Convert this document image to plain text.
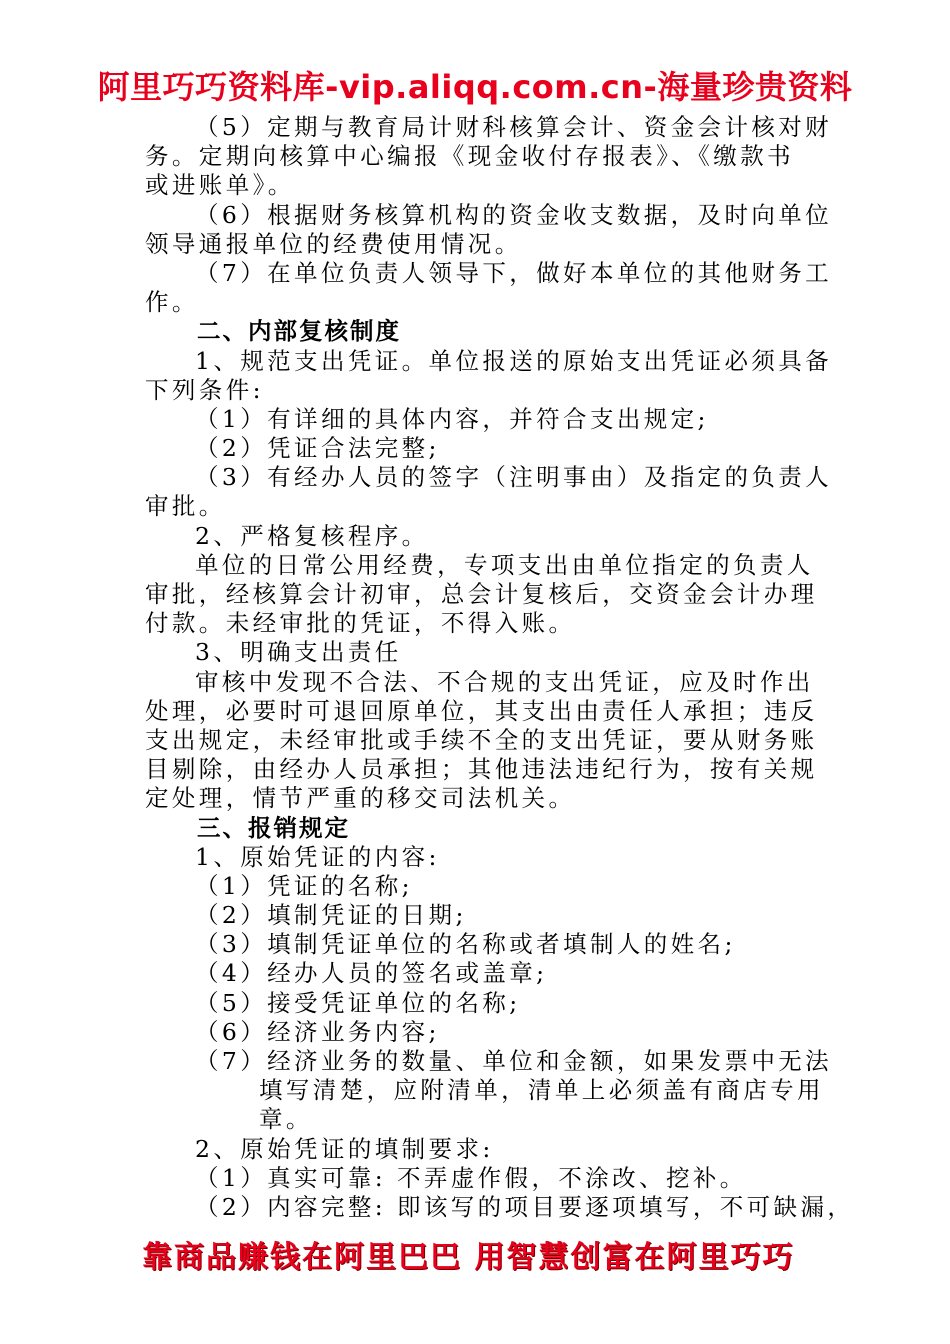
阿里巧巧资料库-vip.aliqq.com.cn-海量珍贵资料
（5）定期与教育局计财科核算会计、资金会计核对财
务。定期向核算中心编报《现金收付存报表》、《缴款书
或进账单》。
（6）根据财务核算机构的资金收支数据，及时向单位
领导通报单位的经费使用情况。
（7）在单位负责人领导下，做好本单位的其他财务工
作。
二、内部复核制度
1、规范支出凭证。单位报送的原始支出凭证必须具备
下列条件:
（1）有详细的具体内容，并符合支出规定;
（2）凭证合法完整;
（3）有经办人员的签字（注明事由）及指定的负责人
审批。
2、严格复核程序。
单位的日常公用经费，专项支出由单位指定的负责人
审批，经核算会计初审，总会计复核后，交资金会计办理
付款。未经审批的凭证，不得入账。
3、明确支出责任
审核中发现不合法、不合规的支出凭证，应及时作出
处理，必要时可退回原单位，其支出由责任人承担；违反
支出规定，未经审批或手续不全的支出凭证，要从财务账
目剔除，由经办人员承担；其他违法违纪行为，按有关规
定处理，情节严重的移交司法机关。
三、报销规定
1、原始凭证的内容:
（1）凭证的名称;
（2）填制凭证的日期;
（3）填制凭证单位的名称或者填制人的姓名;
（4）经办人员的签名或盖章;
（5）接受凭证单位的名称;
（6）经济业务内容;
（7）经济业务的数量、单位和金额，如果发票中无法
填写清楚，应附清单，清单上必须盖有商店专用
章。
2、原始凭证的填制要求:
（1）真实可靠: 不弄虚作假，不涂改、挖补。
（2）内容完整: 即该写的项目要逐项填写，不可缺漏，
靠商品赚钱在阿里巴巴 用智慧创富在阿里巧巧
